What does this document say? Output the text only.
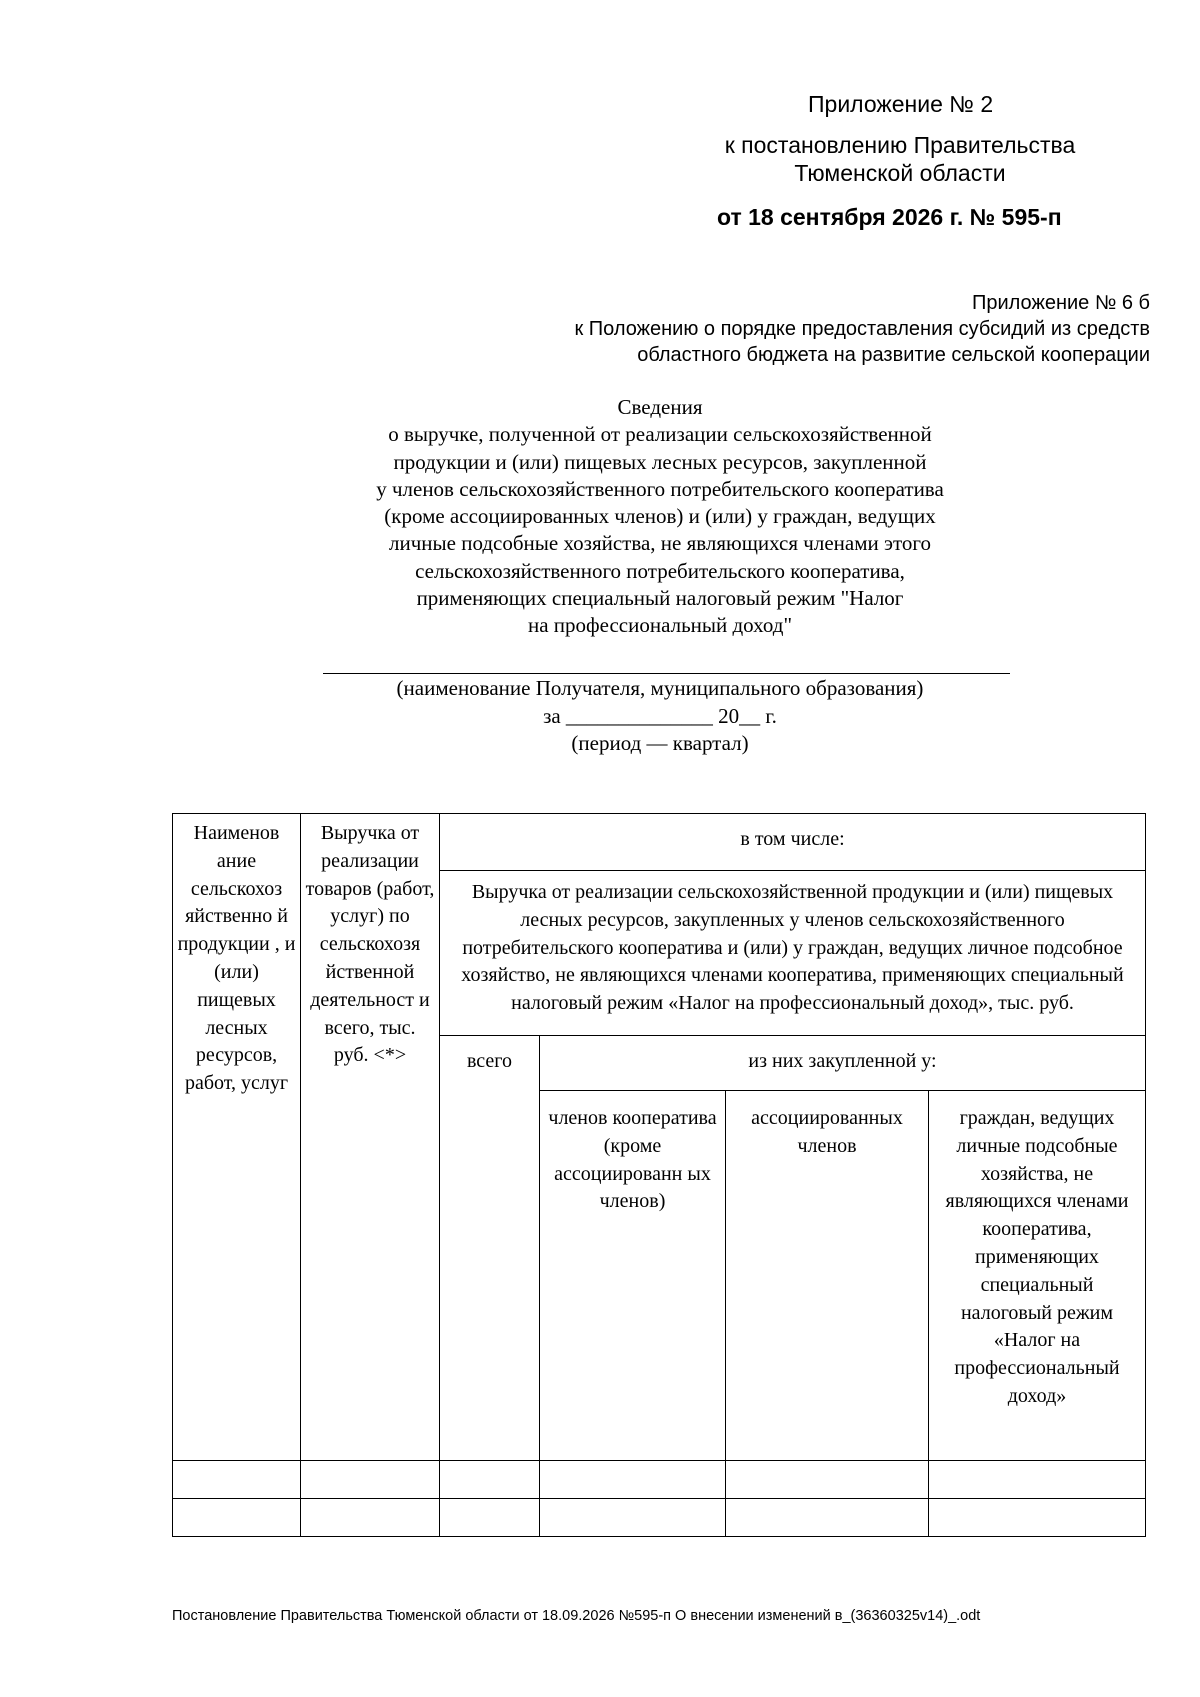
Приложение № 2
к постановлению Правительства
Тюменской области
от 18 сентября 2026 г. № 595-п
Приложение № 6 б
к Положению о порядке предоставления субсидий из средств
областного бюджета на развитие сельской кооперации
Сведения
о выручке, полученной от реализации сельскохозяйственной
продукции и (или) пищевых лесных ресурсов, закупленной
у членов сельскохозяйственного потребительского кооператива
(кроме ассоциированных членов) и (или) у граждан, ведущих
личные подсобные хозяйства, не являющихся членами этого
сельскохозяйственного потребительского кооператива,
применяющих специальный налоговый режим "Налог
на профессиональный доход"
(наименование Получателя, муниципального образования)
за ______________ 20__ г.
(период — квартал)
Наименов ание сельскохоз яйственно й продукции , и (или) пищевых лесных ресурсов, работ, услуг	Выручка от реализации товаров (работ, услуг) по сельскохозя йственной деятельност и всего, тыс. руб. <*>	в том числе:			
		Выручка от реализации сельскохозяйственной продукции и (или) пищевых лесных ресурсов, закупленных у членов сельскохозяйственного потребительского кооператива и (или) у граждан, ведущих личное подсобное хозяйство, не являющихся членами кооператива, применяющих специальный налоговый режим «Налог на профессиональный доход», тыс. руб.			
		всего	из них закупленной у:		
			членов кооператива (кроме ассоциированн ых членов)	ассоциированных членов	граждан, ведущих личные подсобные хозяйства, не являющихся членами кооператива, применяющих специальный налоговый режим «Налог на профессиональный доход»

Постановление Правительства Тюменской области от 18.09.2026 №595-п О внесении изменений в_(36360325v14)_.odt
